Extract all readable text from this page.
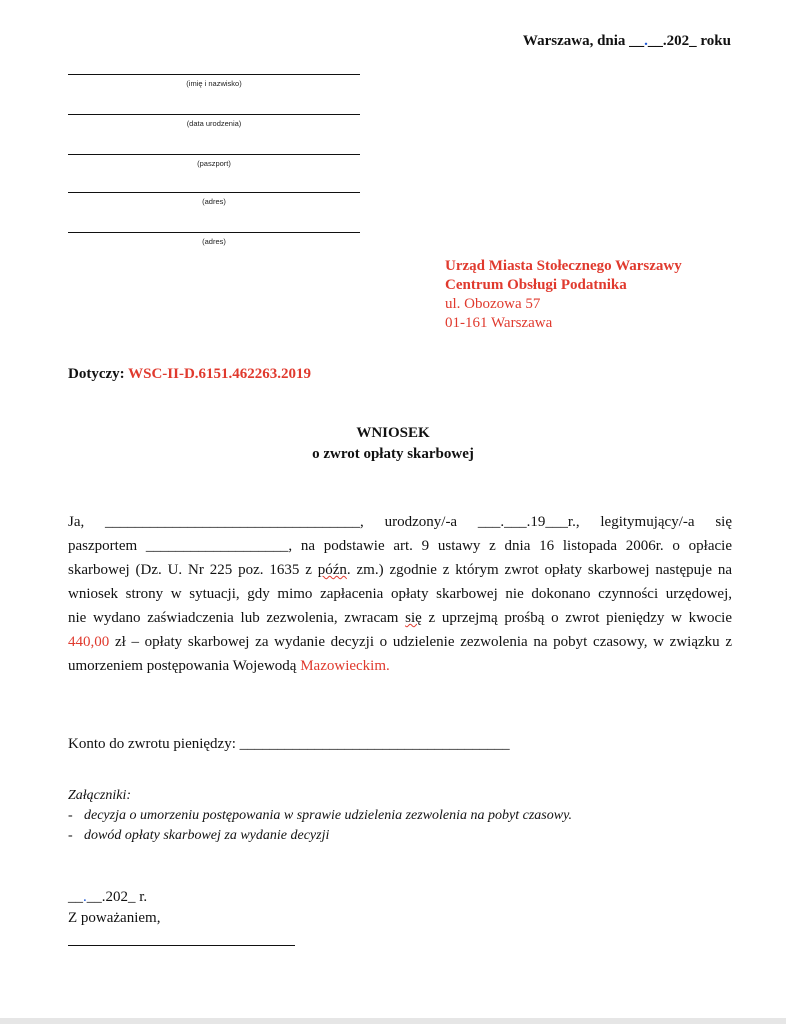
Warszawa, dnia __.__.202_ roku
(imię i nazwisko)
(data urodzenia)
(paszport)
(adres)
(adres)
Urząd Miasta Stołecznego Warszawy
Centrum Obsługi Podatnika
ul. Obozowa 57
01-161 Warszawa
Dotyczy: WSC-II-D.6151.462263.2019
WNIOSEK
o zwrot opłaty skarbowej
Ja, __________________________________, urodzony/-a ___.___.19___r., legitymujący/-a się
paszportem ___________________, na podstawie art. 9 ustawy z dnia 16 listopada 2006r. o opłacie
skarbowej (Dz. U. Nr 225 poz. 1635 z późn. zm.) zgodnie z którym zwrot opłaty skarbowej następuje na
wniosek strony w sytuacji, gdy mimo zapłacenia opłaty skarbowej nie dokonano czynności urzędowej,
nie wydano zaświadczenia lub zezwolenia, zwracam się z uprzejmą prośbą o zwrot pieniędzy w kwocie
440,00 zł – opłaty skarbowej za wydanie decyzji o udzielenie zezwolenia na pobyt czasowy, w związku z
umorzeniem postępowania Wojewodą Mazowieckim.
Konto do zwrotu pieniędzy: ____________________________________
Załączniki:
- decyzja o umorzeniu postępowania w sprawie udzielenia zezwolenia na pobyt czasowy.
- dowód opłaty skarbowej za wydanie decyzji
__.__.202_ r.
Z poważaniem,
